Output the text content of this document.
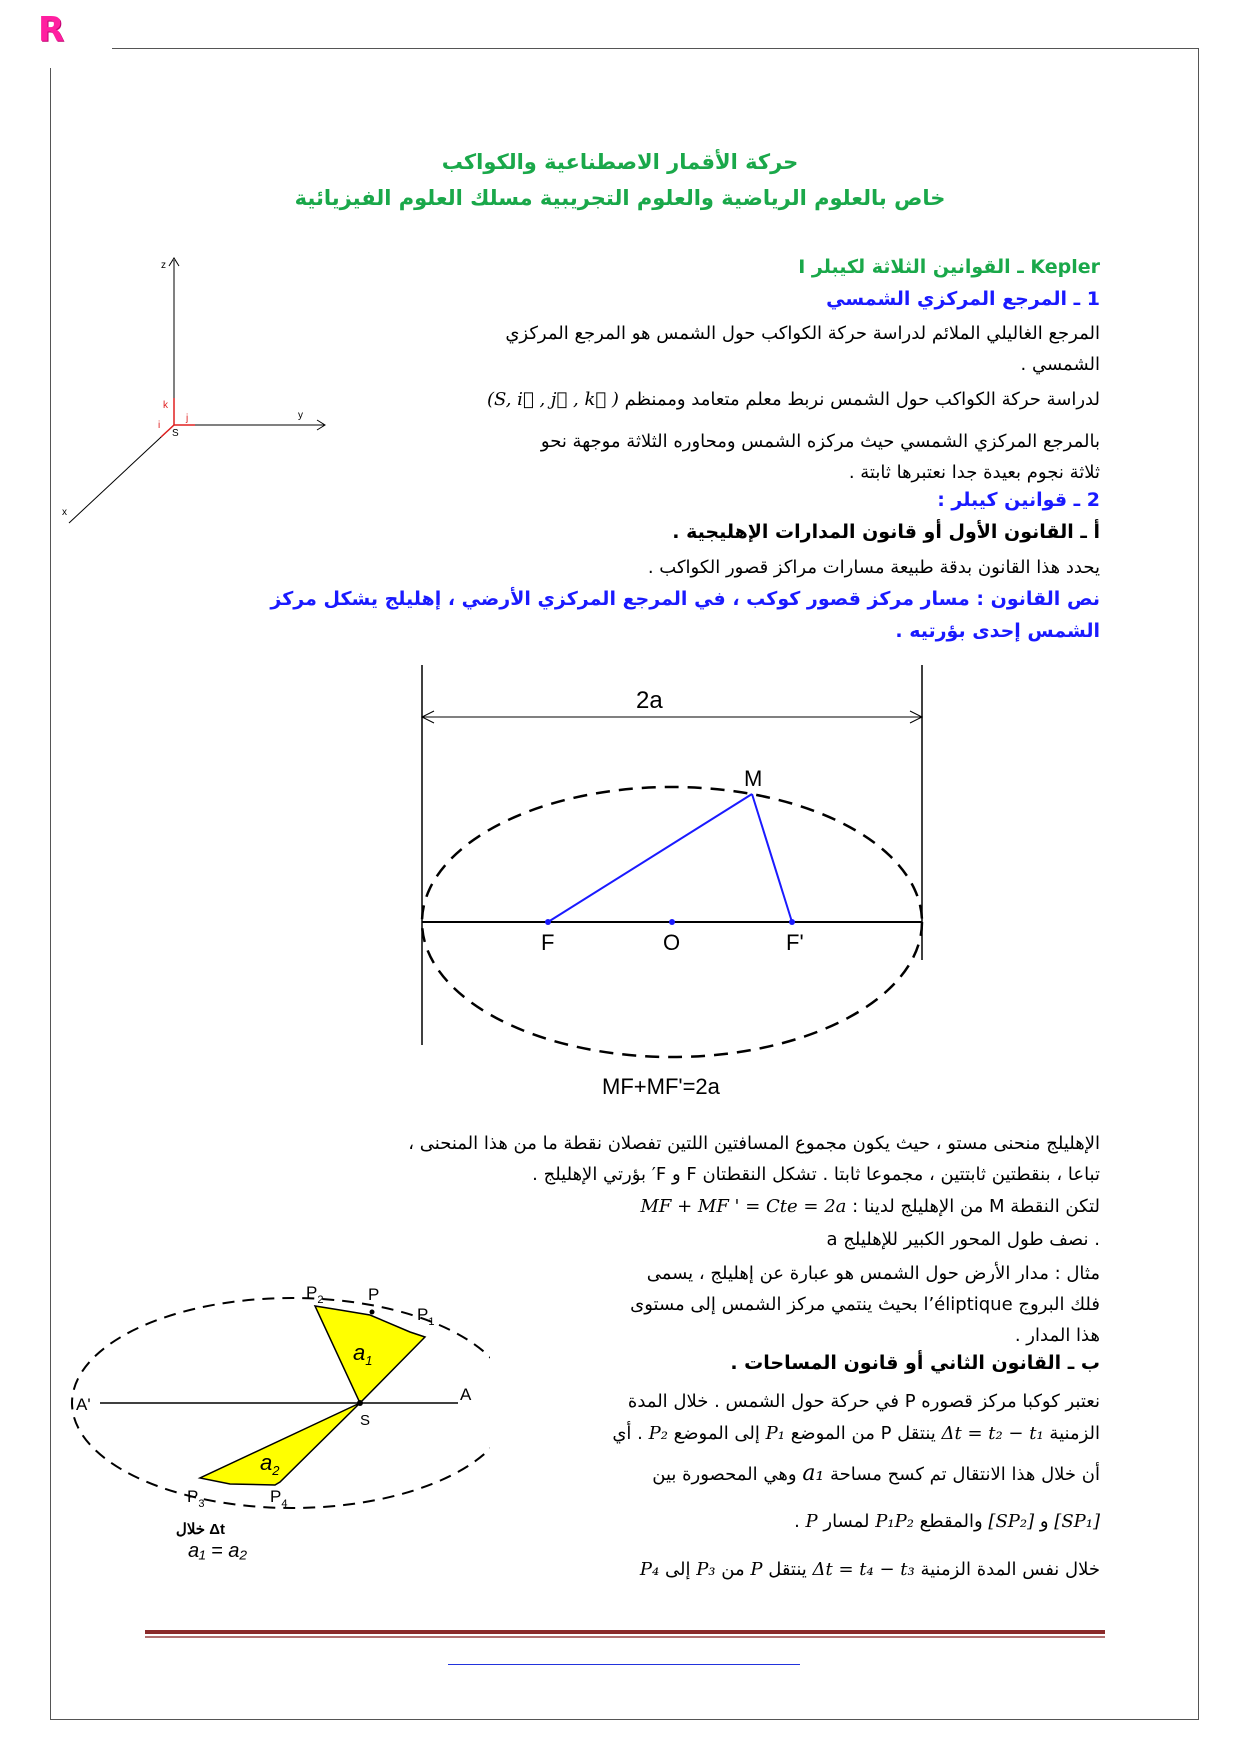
R
حركة الأقمار الاصطناعية والكواكب
خاص بالعلوم الرياضية والعلوم التجريبية مسلك العلوم الفيزيائية
I ـ القوانين الثلاثة لكيبلر Kepler
1 ـ المرجع المركزي الشمسي
المرجع الغاليلي الملائم لدراسة حركة الكواكب حول الشمس هو المرجع المركزي
الشمسي .
لدراسة حركة الكواكب حول الشمس نربط معلم متعامد وممنظم (S, i⃗ , j⃗ , k⃗ )
بالمرجع المركزي الشمسي حيث مركزه الشمس ومحاوره الثلاثة موجهة نحو
ثلاثة نجوم بعيدة جدا نعتبرها ثابتة .
2 ـ قوانين كيبلر :
أ ـ القانون الأول أو قانون المدارات الإهليجية .
يحدد هذا القانون بدقة طبيعة مسارات مراكز قصور الكواكب .
نص القانون : مسار مركز قصور كوكب ، في المرجع المركزي الأرضي ، إهليلج يشكل مركز
الشمس إحدى بؤرتيه .
z
y
x
k
j
i
S
2a
M
F	O	F'
MF+MF'=2a
الإهليلج منحنى مستو ، حيث يكون مجموع المسافتين اللتين تفصلان نقطة ما من هذا المنحنى ،
تباعا ، بنقطتين ثابتتين ، مجموعا ثابتا . تشكل النقطتان F و F′ بؤرتي الإهليلج .
لتكن النقطة M من الإهليلج لدينا : MF + MF ' = Cte = 2a
a نصف طول المحور الكبير للإهليلج .
مثال : مدار الأرض حول الشمس هو عبارة عن إهليلج ، يسمى
فلك البروج l’éliptique بحيث ينتمي مركز الشمس إلى مستوى
هذا المدار .
ب ـ القانون الثاني أو قانون المساحات .
نعتبر كوكبا مركز قصوره P في حركة حول الشمس . خلال المدة
الزمنية Δt = t₂ − t₁ ينتقل P من الموضع P₁ إلى الموضع P₂ . أي
أن خلال هذا الانتقال تم كسح مساحة a₁ وهي المحصورة بين
[SP₁] و [SP₂] والمقطع P₁P₂ لمسار P .
خلال نفس المدة الزمنية Δt = t₄ − t₃ ينتقل P من P₃ إلى P₄
$P_2$	P
$P_1$
A
A'
S
$P_3$	$P_4$
$a_1$
$a_2$
Δt خلال
a₁ = a₂
